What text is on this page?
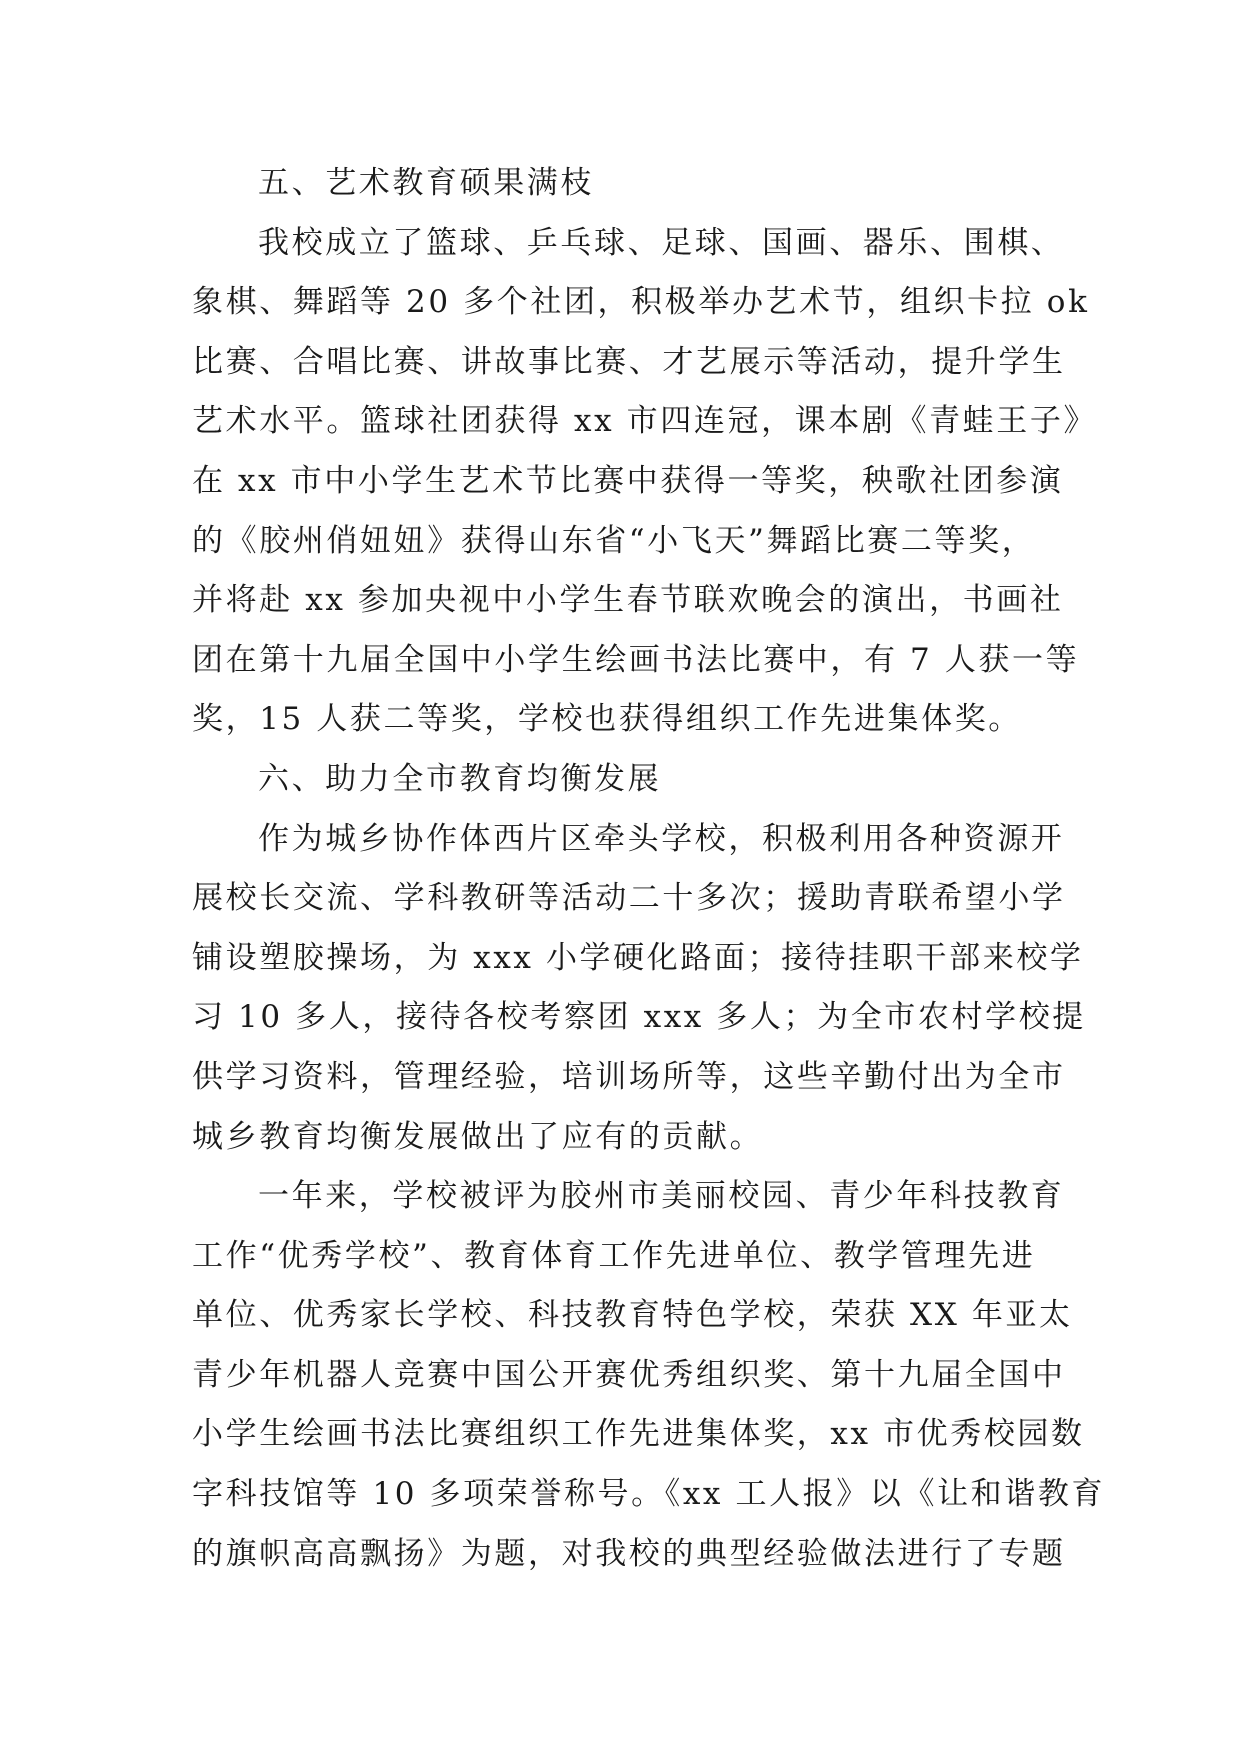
五、艺术教育硕果满枝
我校成立了篮球、乒乓球、足球、国画、器乐、围棋、
象棋、舞蹈等 20 多个社团，积极举办艺术节，组织卡拉 ok
比赛、合唱比赛、讲故事比赛、才艺展示等活动，提升学生
艺术水平。篮球社团获得 xx 市四连冠，课本剧《青蛙王子》
在 xx 市中小学生艺术节比赛中获得一等奖，秧歌社团参演
的《胶州俏妞妞》获得山东省“小飞天”舞蹈比赛二等奖，
并将赴 xx 参加央视中小学生春节联欢晚会的演出，书画社
团在第十九届全国中小学生绘画书法比赛中，有 7 人获一等
奖，15 人获二等奖，学校也获得组织工作先进集体奖。
六、助力全市教育均衡发展
作为城乡协作体西片区牵头学校，积极利用各种资源开
展校长交流、学科教研等活动二十多次；援助青联希望小学
铺设塑胶操场，为 xxx 小学硬化路面；接待挂职干部来校学
习 10 多人，接待各校考察团 xxx 多人；为全市农村学校提
供学习资料，管理经验，培训场所等，这些辛勤付出为全市
城乡教育均衡发展做出了应有的贡献。
一年来，学校被评为胶州市美丽校园、青少年科技教育
工作“优秀学校”、教育体育工作先进单位、教学管理先进
单位、优秀家长学校、科技教育特色学校，荣获 XX 年亚太
青少年机器人竞赛中国公开赛优秀组织奖、第十九届全国中
小学生绘画书法比赛组织工作先进集体奖，xx 市优秀校园数
字科技馆等 10 多项荣誉称号。《xx 工人报》以《让和谐教育
的旗帜高高飘扬》为题，对我校的典型经验做法进行了专题
